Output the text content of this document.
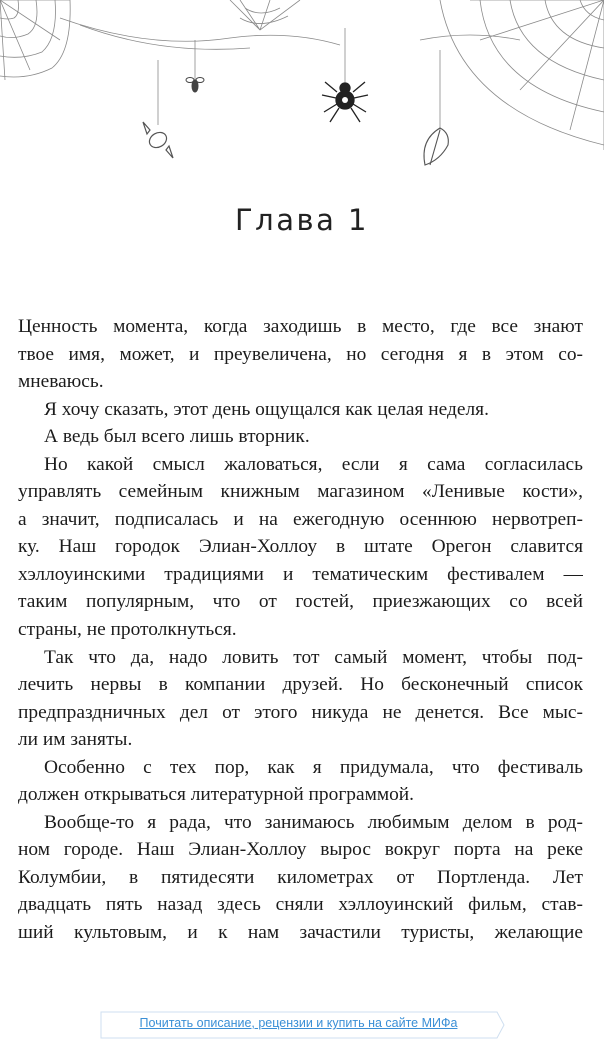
Глава 1
Ценность момента, когда заходишь в место, где все знают
твое имя, может, и преувеличена, но сегодня я в этом со-
мневаюсь.
Я хочу сказать, этот день ощущался как целая неделя.
А ведь был всего лишь вторник.
Но какой смысл жаловаться, если я сама согласилась
управлять семейным книжным магазином «Ленивые кости»,
а значит, подписалась и на ежегодную осеннюю нервотреп-
ку. Наш городок Элиан-Холлоу в штате Орегон славится
хэллоуинскими традициями и тематическим фестивалем —
таким популярным, что от гостей, приезжающих со всей
страны, не протолкнуться.
Так что да, надо ловить тот самый момент, чтобы под-
лечить нервы в компании друзей. Но бесконечный список
предпраздничных дел от этого никуда не денется. Все мыс-
ли им заняты.
Особенно с тех пор, как я придумала, что фестиваль
должен открываться литературной программой.
Вообще-то я рада, что занимаюсь любимым делом в род-
ном городе. Наш Элиан-Холлоу вырос вокруг порта на реке
Колумбии, в пятидесяти километрах от Портленда. Лет
двадцать пять назад здесь сняли хэллоуинский фильм, став-
ший культовым, и к нам зачастили туристы, желающие
Почитать описание, рецензии и купить на сайте МИФа
